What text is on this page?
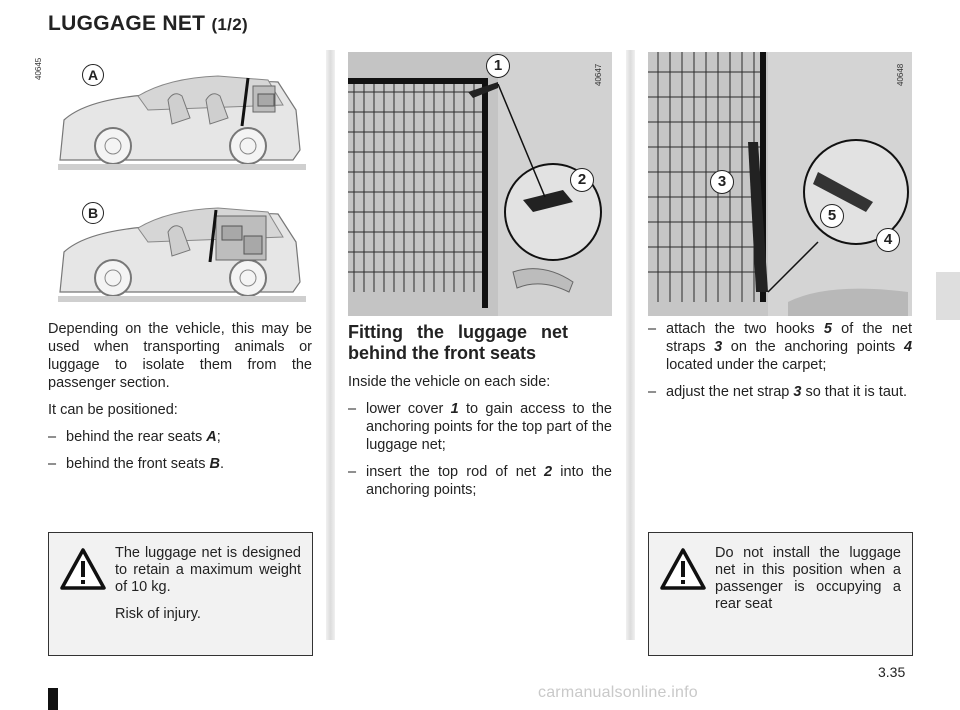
LUGGAGE NET (1/2)
40645	A
B
40647
1
2
40648
3
4
5

Depending on the vehicle, this may be used when transporting animals or luggage to isolate them from the passenger section.

It can be positioned:

– behind the rear seats A;
– behind the front seats B.
Fitting the luggage net behind the front seats

Inside the vehicle on each side:

– lower cover 1 to gain access to the anchoring points for the top part of the luggage net;
– insert the top rod of net 2 into the anchoring points;
– attach the two hooks 5 of the net straps 3 on the anchoring points 4 located under the carpet;
– adjust the net strap 3 so that it is taut.

The luggage net is designed to retain a maximum weight of 10 kg.

Risk of injury.

Do not install the luggage net in this position when a passenger is occupying a rear seat

3.35
carmanualsonline.info
